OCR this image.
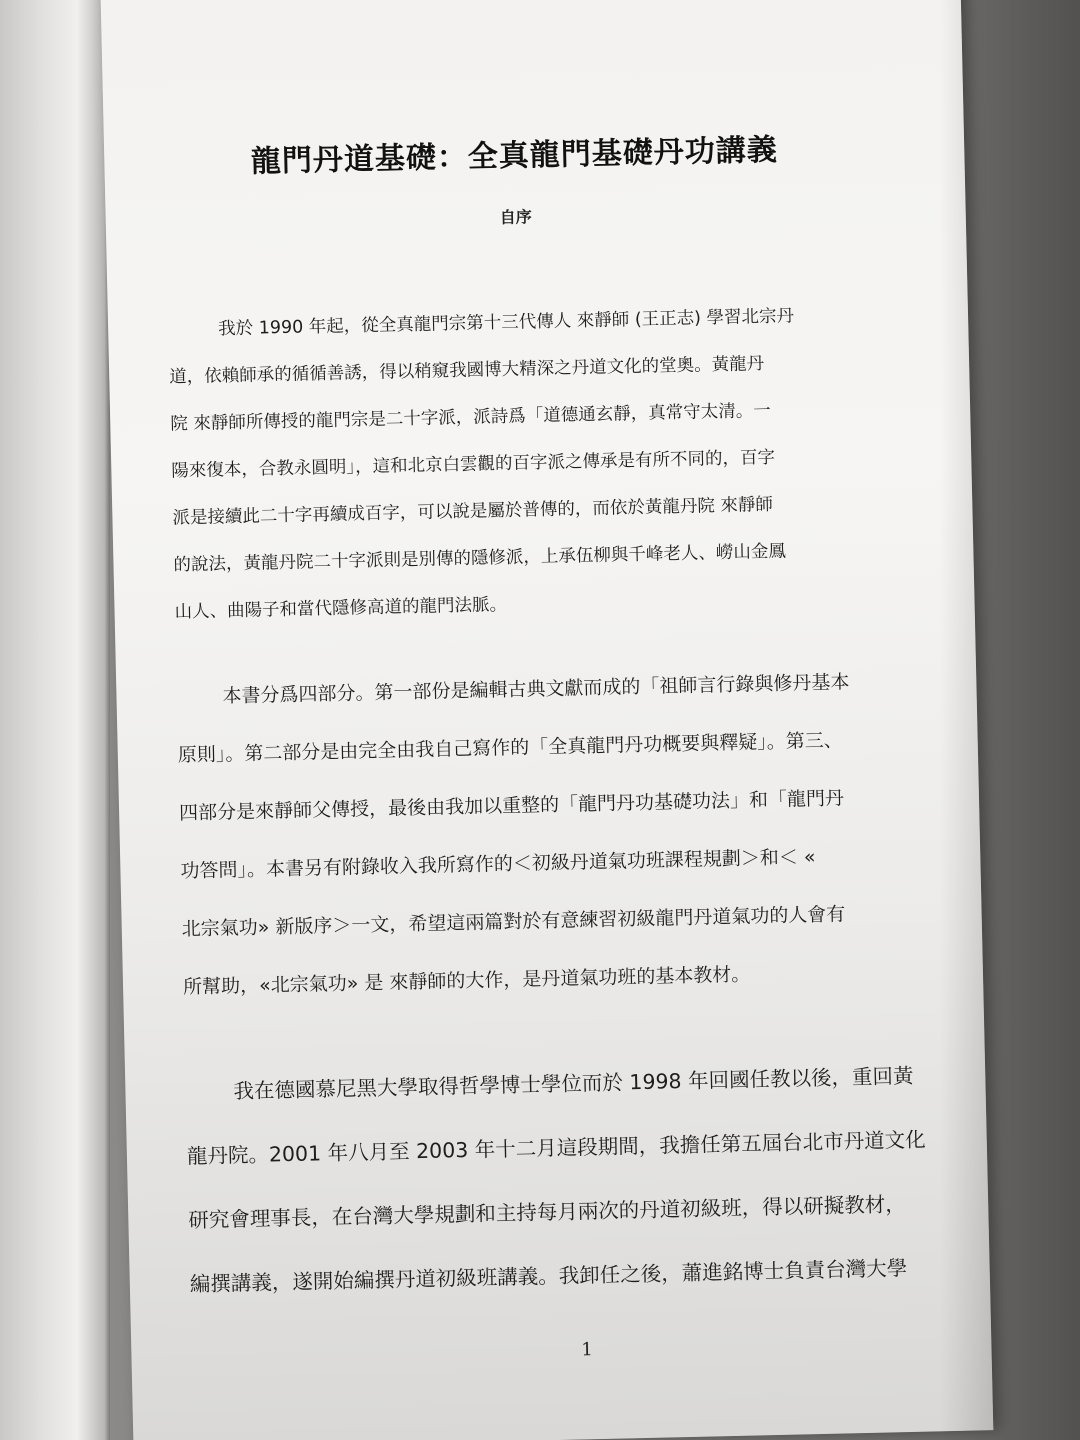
龍門丹道基礎：全真龍門基礎丹功講義
自序

我於 1990 年起，從全真龍門宗第十三代傳人 來靜師 (王正志) 學習北宗丹
道，依賴師承的循循善誘，得以稍窺我國博大精深之丹道文化的堂奧。黃龍丹
院 來靜師所傳授的龍門宗是二十字派，派詩爲「道德通玄靜，真常守太清。一
陽來復本，合教永圓明」，這和北京白雲觀的百字派之傳承是有所不同的，百字
派是接續此二十字再續成百字，可以說是屬於普傳的，而依於黃龍丹院 來靜師
的說法，黃龍丹院二十字派則是別傳的隱修派，上承伍柳與千峰老人、嶗山金鳳
山人、曲陽子和當代隱修高道的龍門法脈。

本書分爲四部分。第一部份是編輯古典文獻而成的「祖師言行錄與修丹基本
原則」。第二部分是由完全由我自己寫作的「全真龍門丹功概要與釋疑」。第三、
四部分是來靜師父傳授，最後由我加以重整的「龍門丹功基礎功法」和「龍門丹
功答問」。本書另有附錄收入我所寫作的＜初級丹道氣功班課程規劃＞和＜ «
北宗氣功» 新版序＞一文，希望這兩篇對於有意練習初級龍門丹道氣功的人會有
所幫助，«北宗氣功» 是 來靜師的大作，是丹道氣功班的基本教材。

我在德國慕尼黑大學取得哲學博士學位而於 1998 年回國任教以後，重回黃
龍丹院。2001 年八月至 2003 年十二月這段期間，我擔任第五屆台北市丹道文化
研究會理事長，在台灣大學規劃和主持每月兩次的丹道初級班，得以研擬教材，
編撰講義，遂開始編撰丹道初級班講義。我卸任之後，蕭進銘博士負責台灣大學

1
